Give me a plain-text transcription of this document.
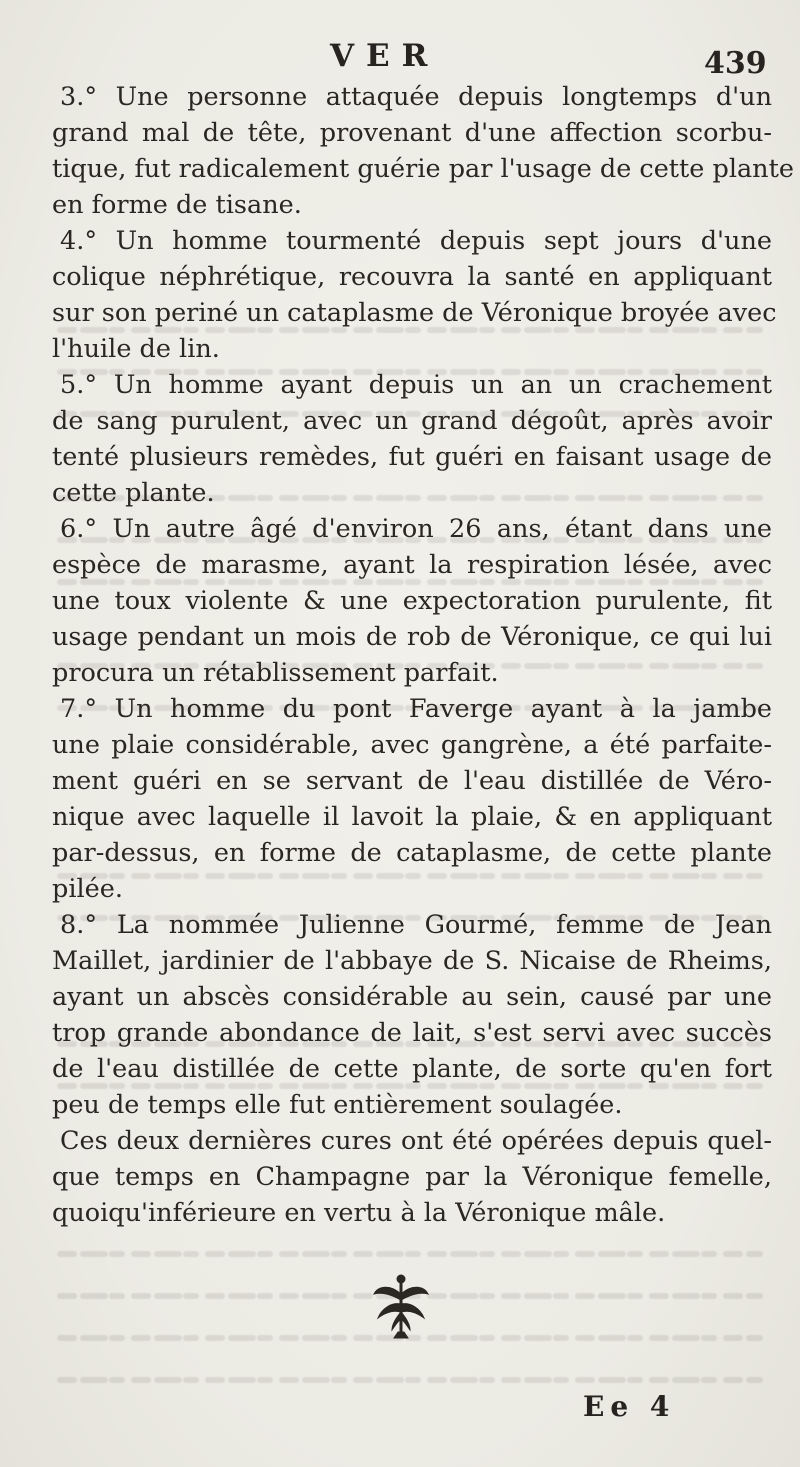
VER	439
3.° Une personne attaquée depuis longtemps d'un
grand mal de tête, provenant d'une affection scorbu-
tique, fut radicalement guérie par l'usage de cette plante
en forme de tisane.
4.° Un homme tourmenté depuis sept jours d'une
colique néphrétique, recouvra la santé en appliquant
sur son periné un cataplasme de Véronique broyée avec
l'huile de lin.
5.° Un homme ayant depuis un an un crachement
de sang purulent, avec un grand dégoût, après avoir
tenté plusieurs remèdes, fut guéri en faisant usage de
cette plante.
6.° Un autre âgé d'environ 26 ans, étant dans une
espèce de marasme, ayant la respiration lésée, avec
une toux violente & une expectoration purulente, fit
usage pendant un mois de rob de Véronique, ce qui lui
procura un rétablissement parfait.
7.° Un homme du pont Faverge ayant à la jambe
une plaie considérable, avec gangrène, a été parfaite-
ment guéri en se servant de l'eau distillée de Véro-
nique avec laquelle il lavoit la plaie, & en appliquant
par-dessus, en forme de cataplasme, de cette plante
pilée.
8.° La nommée Julienne Gourmé, femme de Jean
Maillet, jardinier de l'abbaye de S. Nicaise de Rheims,
ayant un abscès considérable au sein, causé par une
trop grande abondance de lait, s'est servi avec succès
de l'eau distillée de cette plante, de sorte qu'en fort
peu de temps elle fut entièrement soulagée.
Ces deux dernières cures ont été opérées depuis quel-
que temps en Champagne par la Véronique femelle,
quoiqu'inférieure en vertu à la Véronique mâle.
Ee 4
